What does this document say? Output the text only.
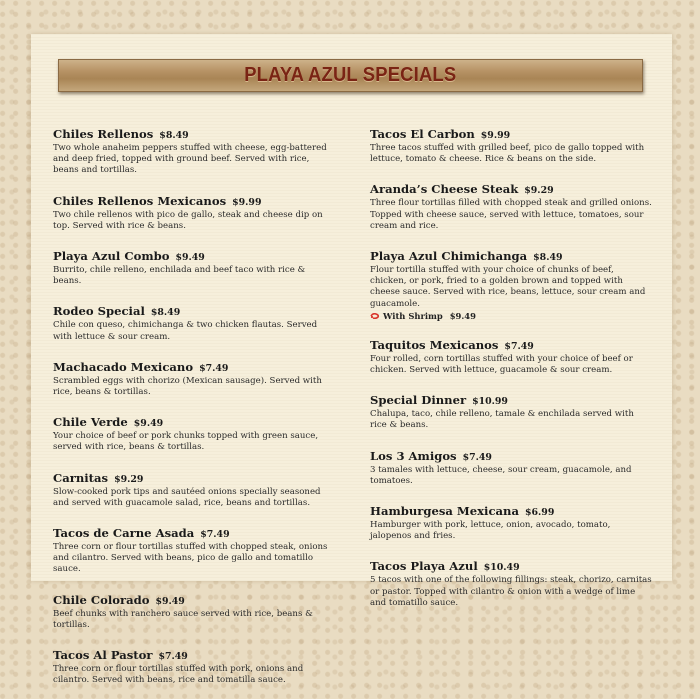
PLAYA AZUL SPECIALS
Chiles Rellenos $8.49
Two whole anaheim peppers stuffed with cheese, egg-battered and deep fried, topped with ground beef. Served with rice, beans and tortillas.
Chiles Rellenos Mexicanos $9.99
Two chile rellenos with pico de gallo, steak and cheese dip on top. Served with rice & beans.
Playa Azul Combo $9.49
Burrito, chile relleno, enchilada and beef taco with rice & beans.
Rodeo Special $8.49
Chile con queso, chimichanga & two chicken flautas. Served with lettuce & sour cream.
Machacado Mexicano $7.49
Scrambled eggs with chorizo (Mexican sausage). Served with rice, beans & tortillas.
Chile Verde $9.49
Your choice of beef or pork chunks topped with green sauce, served with rice, beans & tortillas.
Carnitas $9.29
Slow-cooked pork tips and sautéed onions specially seasoned and served with guacamole salad, rice, beans and tortillas.
Tacos de Carne Asada $7.49
Three corn or flour tortillas stuffed with chopped steak, onions and cilantro. Served with beans, pico de gallo and tomatillo sauce.
Chile Colorado $9.49
Beef chunks with ranchero sauce served with rice, beans & tortillas.
Tacos Al Pastor $7.49
Three corn or flour tortillas stuffed with pork, onions and cilantro. Served with beans, rice and tomatilla sauce.
Tacos El Carbon $9.99
Three tacos stuffed with grilled beef, pico de gallo topped with lettuce, tomato & cheese. Rice & beans on the side.
Aranda’s Cheese Steak $9.29
Three flour tortillas filled with chopped steak and grilled onions. Topped with cheese sauce, served with lettuce, tomatoes, sour cream and rice.
Playa Azul Chimichanga $8.49
Flour tortilla stuffed with your choice of chunks of beef, chicken, or pork, fried to a golden brown and topped with cheese sauce. Served with rice, beans, lettuce, sour cream and guacamole.
With Shrimp $9.49
Taquitos Mexicanos $7.49
Four rolled, corn tortillas stuffed with your choice of beef or chicken. Served with lettuce, guacamole & sour cream.
Special Dinner $10.99
Chalupa, taco, chile relleno, tamale & enchilada served with rice & beans.
Los 3 Amigos $7.49
3 tamales with lettuce, cheese, sour cream, guacamole, and tomatoes.
Hamburgesa Mexicana $6.99
Hamburger with pork, lettuce, onion, avocado, tomato, jalopenos and fries.
Tacos Playa Azul $10.49
5 tacos with one of the following fillings: steak, chorizo, carnitas or pastor. Topped with cilantro & onion with a wedge of lime and tomatillo sauce.
